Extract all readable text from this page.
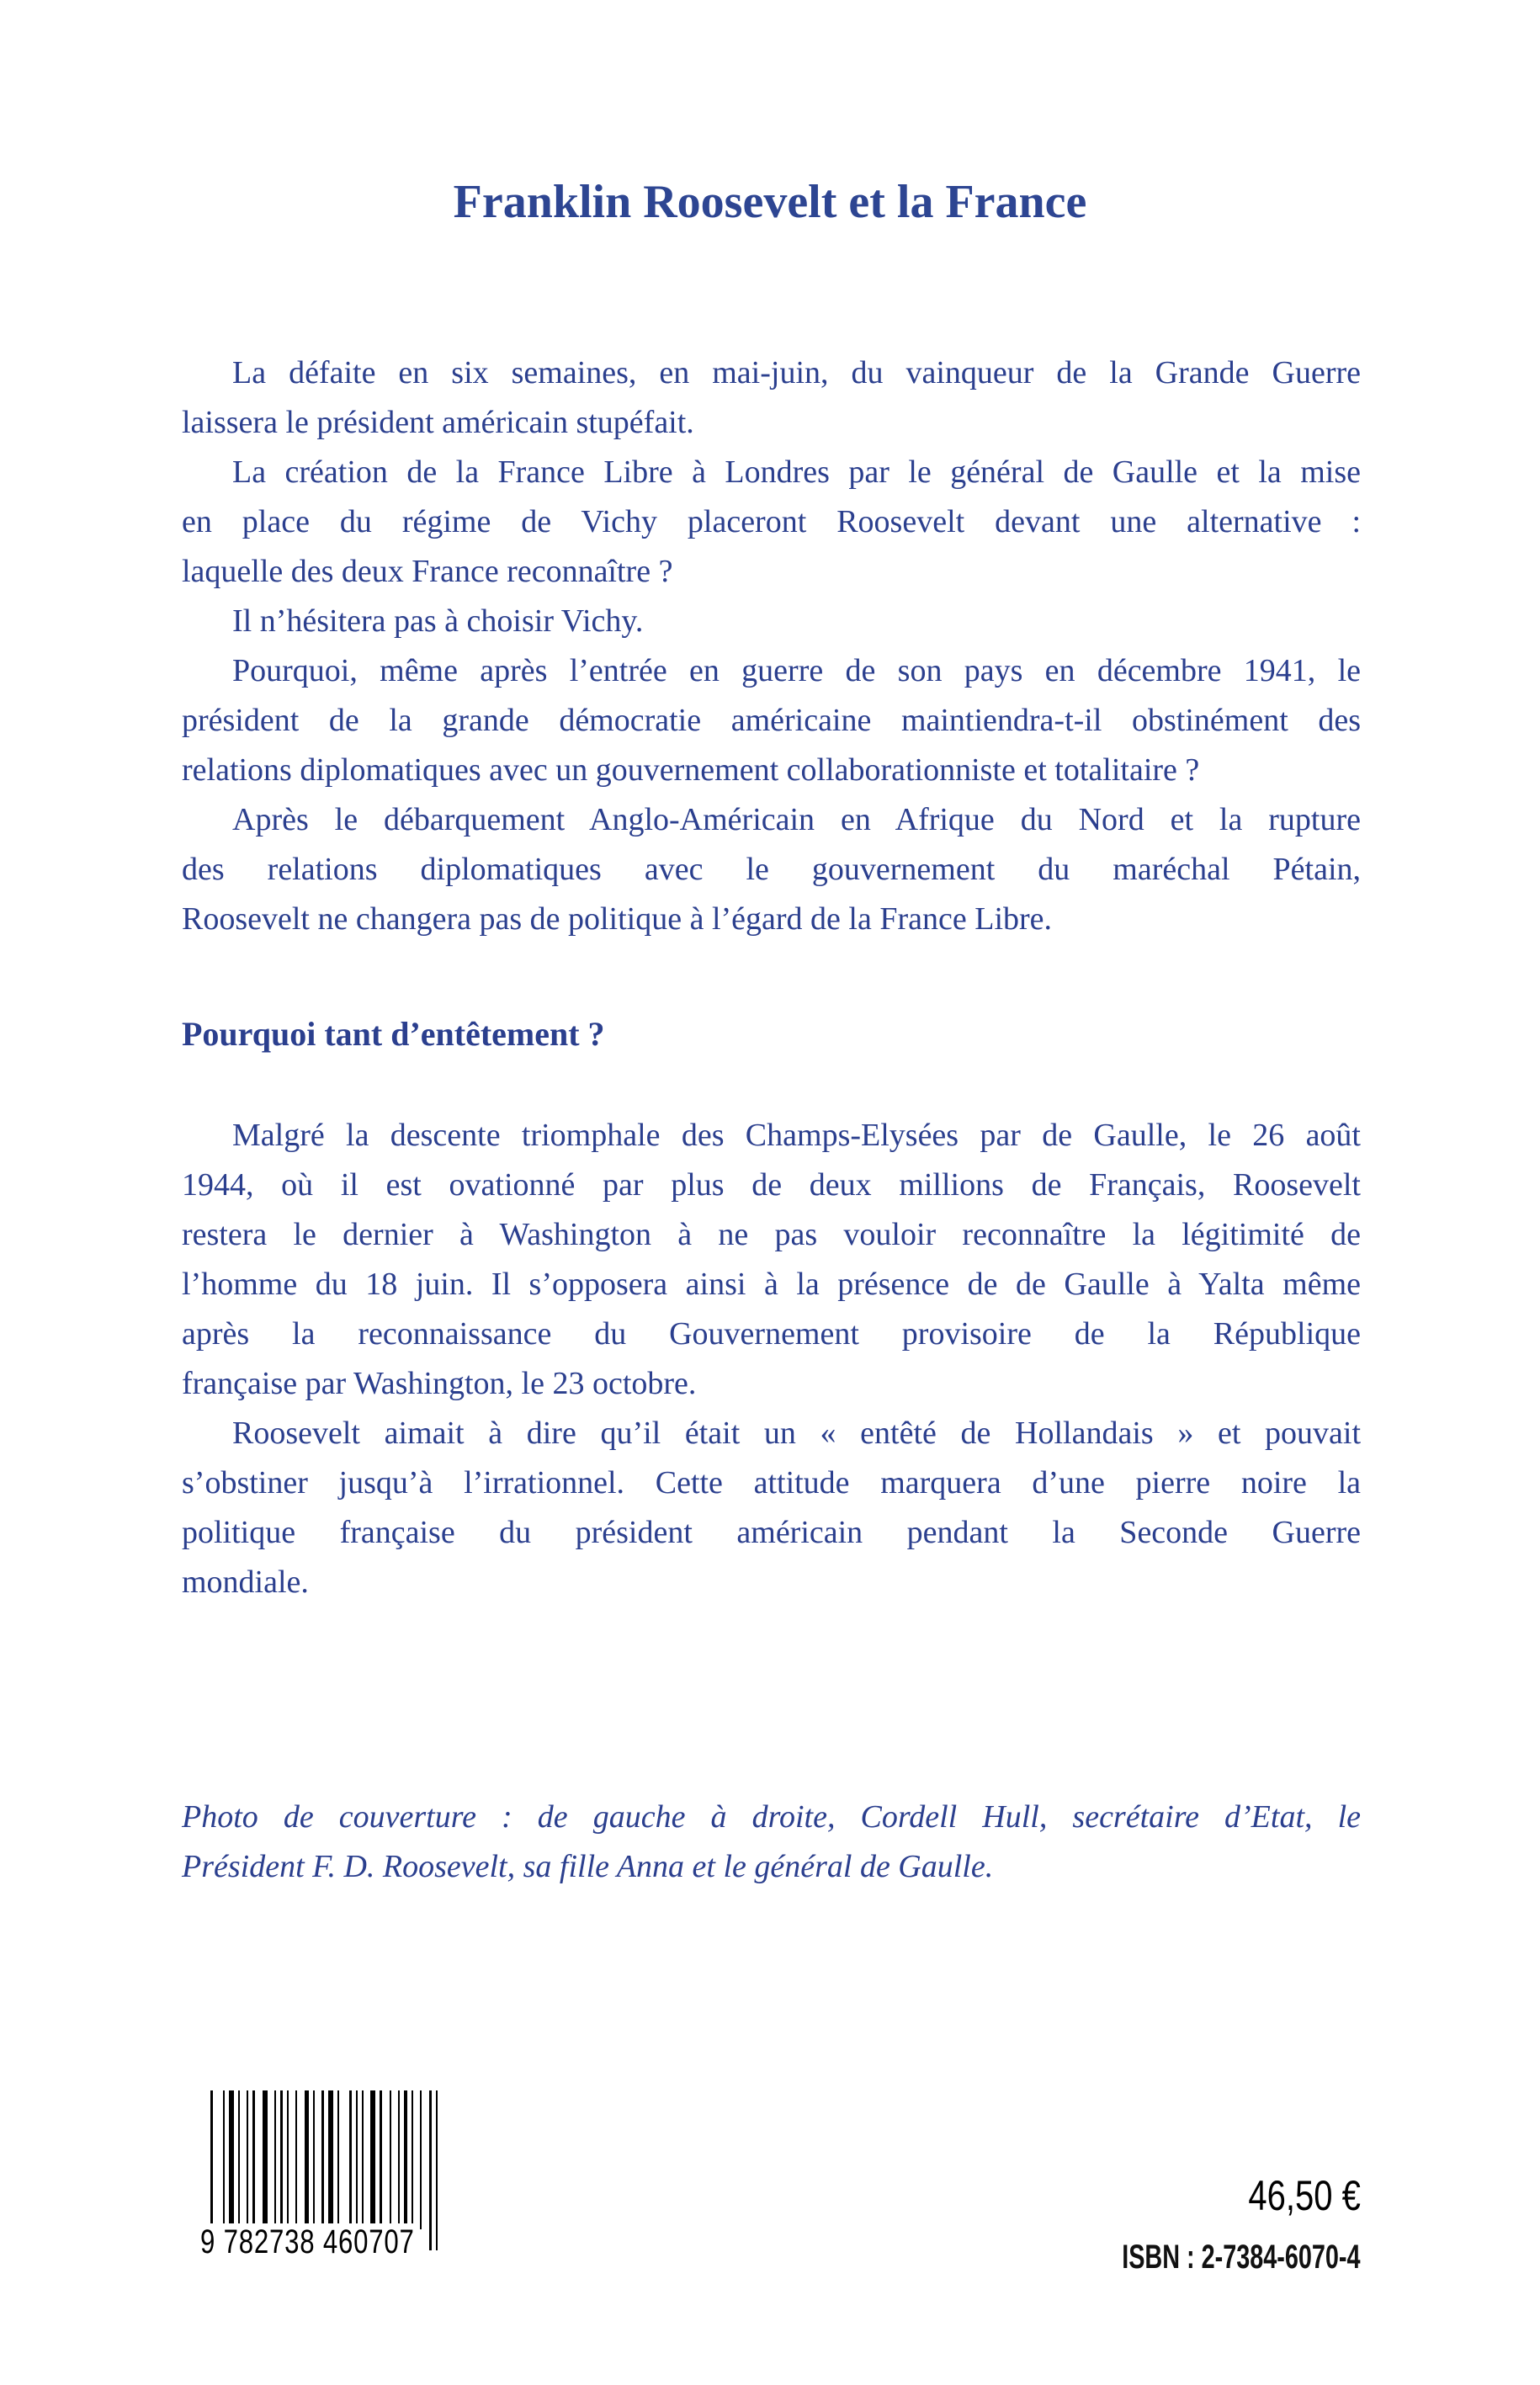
Franklin Roosevelt et la France
La défaite en six semaines, en mai-juin, du vainqueur de la Grande Guerre
laissera le président américain stupéfait.
La création de la France Libre à Londres par le général de Gaulle et la mise
en place du régime de Vichy placeront Roosevelt devant une alternative :
laquelle des deux France reconnaître ?
Il n’hésitera pas à choisir Vichy.
Pourquoi, même après l’entrée en guerre de son pays en décembre 1941, le
président de la grande démocratie américaine maintiendra-t-il obstinément des
relations diplomatiques avec un gouvernement collaborationniste et totalitaire ?
Après le débarquement Anglo-Américain en Afrique du Nord et la rupture
des relations diplomatiques avec le gouvernement du maréchal Pétain,
Roosevelt ne changera pas de politique à l’égard de la France Libre.
Pourquoi tant d’entêtement ?
Malgré la descente triomphale des Champs-Elysées par de Gaulle, le 26 août
1944, où il est ovationné par plus de deux millions de Français, Roosevelt
restera le dernier à Washington à ne pas vouloir reconnaître la légitimité de
l’homme du 18 juin. Il s’opposera ainsi à la présence de de Gaulle à Yalta même
après la reconnaissance du Gouvernement provisoire de la République
française par Washington, le 23 octobre.
Roosevelt aimait à dire qu’il était un « entêté de Hollandais » et pouvait
s’obstiner jusqu’à l’irrationnel. Cette attitude marquera d’une pierre noire la
politique française du président américain pendant la Seconde Guerre
mondiale.
Photo de couverture : de gauche à droite, Cordell Hull, secrétaire d’Etat, le
Président F. D. Roosevelt, sa fille Anna et le général de Gaulle.
9 782738 460707
46,50 €
ISBN : 2-7384-6070-4
